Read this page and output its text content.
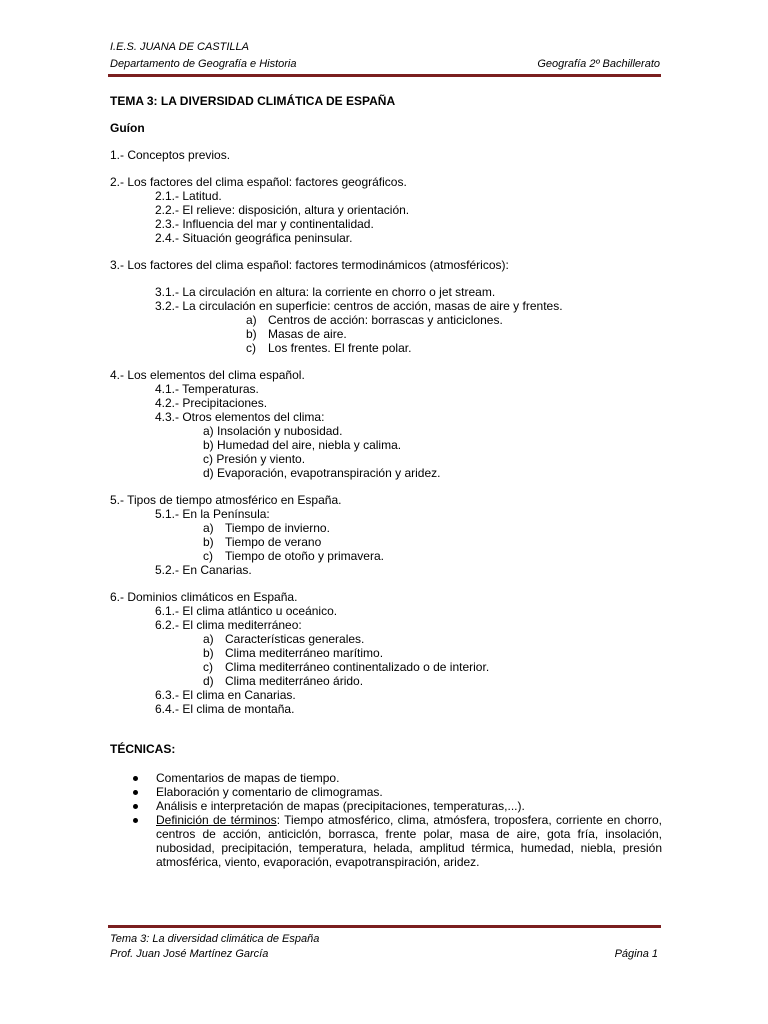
I.E.S. JUANA DE CASTILLA
Departamento de Geografía e Historia	Geografía 2º Bachillerato
TEMA 3: LA DIVERSIDAD CLIMÁTICA DE ESPAÑA
Guíon
1.- Conceptos previos.
2.- Los factores del clima español: factores geográficos.
2.1.- Latitud.
2.2.- El relieve: disposición, altura y orientación.
2.3.- Influencia del mar y continentalidad.
2.4.- Situación geográfica peninsular.
3.- Los factores del clima español: factores termodinámicos (atmosféricos):
3.1.- La circulación en altura: la corriente en chorro o jet stream.
3.2.- La circulación en superficie: centros de acción, masas de aire y frentes.
a) Centros de acción: borrascas y anticiclones.
b) Masas de aire.
c)	Los frentes. El frente polar.
4.- Los elementos del clima español.
4.1.- Temperaturas.
4.2.- Precipitaciones.
4.3.- Otros elementos del clima:
a) Insolación y nubosidad.
b) Humedad del aire, niebla y calima.
c) Presión y viento.
d) Evaporación, evapotranspiración y aridez.
5.- Tipos de tiempo atmosférico en España.
5.1.- En la Península:
a) Tiempo de invierno.
b) Tiempo de verano
c)	Tiempo de otoño y primavera.
5.2.- En Canarias.
6.- Dominios climáticos en España.
6.1.- El clima atlántico u oceánico.
6.2.- El clima mediterráneo:
a) Características generales.
b) Clima mediterráneo marítimo.
c)	Clima mediterráneo continentalizado o de interior.
d) Clima mediterráneo árido.
6.3.- El clima en Canarias.
6.4.- El clima de montaña.
TÉCNICAS:
Comentarios de mapas de tiempo.
Elaboración y comentario de climogramas.
Análisis e interpretación de mapas (precipitaciones, temperaturas,...).
Definición de términos: Tiempo atmosférico, clima, atmósfera, troposfera, corriente en chorro, centros de acción, anticiclón, borrasca, frente polar, masa de aire, gota fría, insolación, nubosidad, precipitación, temperatura, helada, amplitud térmica, humedad, niebla, presión atmosférica, viento, evaporación, evapotranspiración, aridez.
Tema 3: La diversidad climática de España
Prof. Juan José Martínez García	Página 1
